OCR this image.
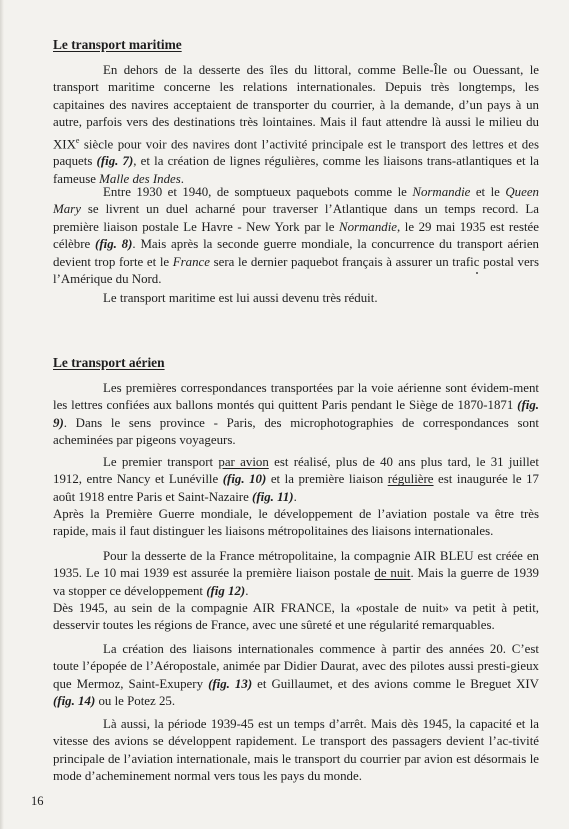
Le transport maritime

En dehors de la desserte des îles du littoral, comme Belle-Île ou Ouessant, le transport maritime concerne les relations internationales. Depuis très longtemps, les capitaines des navires acceptaient de transporter du courrier, à la demande, d’un pays à un autre, parfois vers des destinations très lointaines. Mais il faut attendre là aussi le milieu du XIXe siècle pour voir des navires dont l’activité principale est le transport des lettres et des paquets (fig. 7), et la création de lignes régulières, comme les liaisons trans-atlantiques et la fameuse Malle des Indes.

Entre 1930 et 1940, de somptueux paquebots comme le Normandie et le Queen Mary se livrent un duel acharné pour traverser l’Atlantique dans un temps record. La première liaison postale Le Havre - New York par le Normandie, le 29 mai 1935 est restée célèbre (fig. 8). Mais après la seconde guerre mondiale, la concurrence du transport aérien devient trop forte et le France sera le dernier paquebot français à assurer un trafic postal vers l’Amérique du Nord.

Le transport maritime est lui aussi devenu très réduit.

Le transport aérien

Les premières correspondances transportées par la voie aérienne sont évidem-ment les lettres confiées aux ballons montés qui quittent Paris pendant le Siège de 1870-1871 (fig. 9). Dans le sens province - Paris, des microphotographies de correspondances sont acheminées par pigeons voyageurs.

Le premier transport par avion est réalisé, plus de 40 ans plus tard, le 31 juillet 1912, entre Nancy et Lunéville (fig. 10) et la première liaison régulière est inaugurée le 17 août 1918 entre Paris et Saint-Nazaire (fig. 11).

Après la Première Guerre mondiale, le développement de l’aviation postale va être très rapide, mais il faut distinguer les liaisons métropolitaines des liaisons internationales.

Pour la desserte de la France métropolitaine, la compagnie AIR BLEU est créée en 1935. Le 10 mai 1939 est assurée la première liaison postale de nuit. Mais la guerre de 1939 va stopper ce développement (fig 12).

Dès 1945, au sein de la compagnie AIR FRANCE, la «postale de nuit» va petit à petit, desservir toutes les régions de France, avec une sûreté et une régularité remarquables.

La création des liaisons internationales commence à partir des années 20. C’est toute l’épopée de l’Aéropostale, animée par Didier Daurat, avec des pilotes aussi presti-gieux que Mermoz, Saint-Exupery (fig. 13) et Guillaumet, et des avions comme le Breguet XIV (fig. 14) ou le Potez 25.

Là aussi, la période 1939-45 est un temps d’arrêt. Mais dès 1945, la capacité et la vitesse des avions se développent rapidement. Le transport des passagers devient l’ac-tivité principale de l’aviation internationale, mais le transport du courrier par avion est désormais le mode d’acheminement normal vers tous les pays du monde.

16
